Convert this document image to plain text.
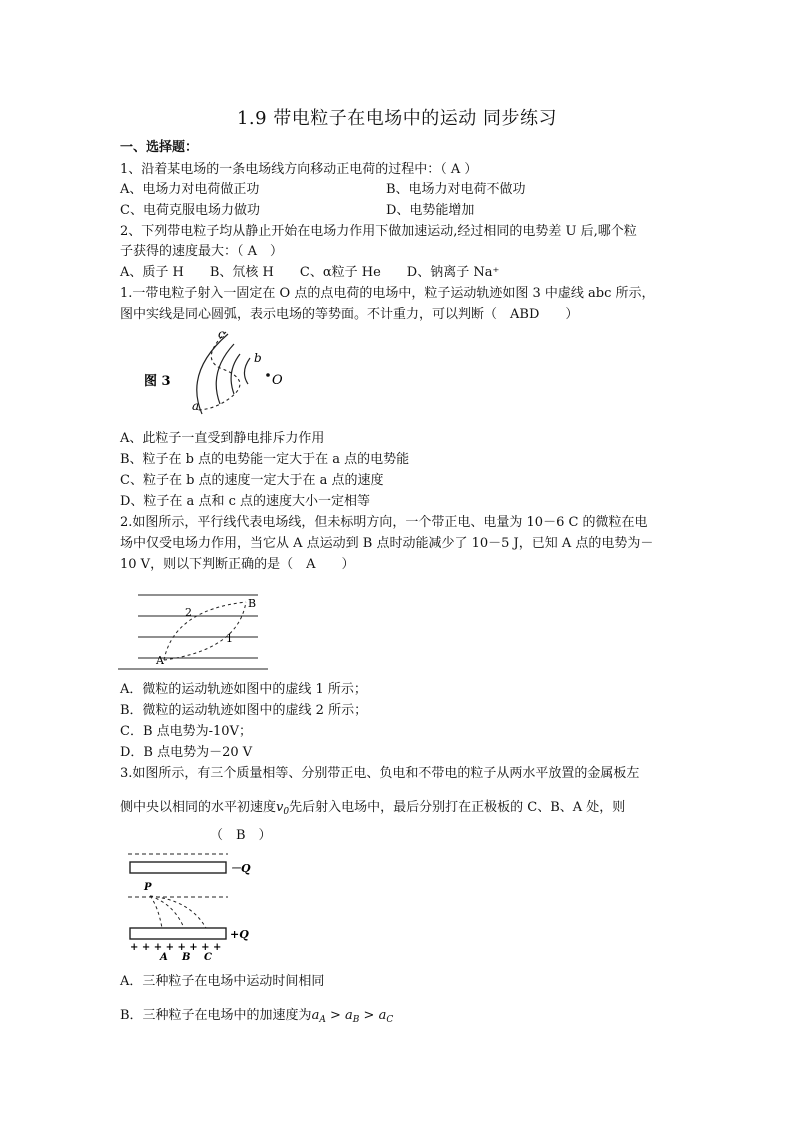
1.9 带电粒子在电场中的运动 同步练习
一、选择题：
1、沿着某电场的一条电场线方向移动正电荷的过程中：（ A ）
A、电场力对电荷做正功	B、电场力对电荷不做功
C、电荷克服电场力做功	D、电势能增加
2、下列带电粒子均从静止开始在电场力作用下做加速运动,经过相同的电势差 U 后,哪个粒
子获得的速度最大：（ A　）
A、质子 H　　B、氘核 H　　C、α粒子 He　　D、钠离子 Na⁺
1.一带电粒子射入一固定在 O 点的点电荷的电场中，粒子运动轨迹如图 3 中虚线 abc 所示，
图中实线是同心圆弧，表示电场的等势面。不计重力，可以判断（　ABD　　）
图 3
c
b
a
O
A、此粒子一直受到静电排斥力作用
B、粒子在 b 点的电势能一定大于在 a 点的电势能
C、粒子在 b 点的速度一定大于在 a 点的速度
D、粒子在 a 点和 c 点的速度大小一定相等
2.如图所示，平行线代表电场线，但未标明方向，一个带正电、电量为 10－6 C 的微粒在电
场中仅受电场力作用，当它从 A 点运动到 B 点时动能减少了 10－5 J，已知 A 点的电势为－
10 V，则以下判断正确的是（　A　　）
B
2
1
A
A．微粒的运动轨迹如图中的虚线 1 所示；
B．微粒的运动轨迹如图中的虚线 2 所示；
C．B 点电势为-10V；
D．B 点电势为－20 V
3.如图所示，有三个质量相等、分别带正电、负电和不带电的粒子从两水平放置的金属板左
侧中央以相同的水平初速度$v_0$先后射入电场中，最后分别打在正极板的 C、B、A 处，则
（　B　）
－Q
P
+Q
+ + + + + + + +
A B C
A．三种粒子在电场中运动时间相同
B．三种粒子在电场中的加速度为$a_A > a_B > a_C$
